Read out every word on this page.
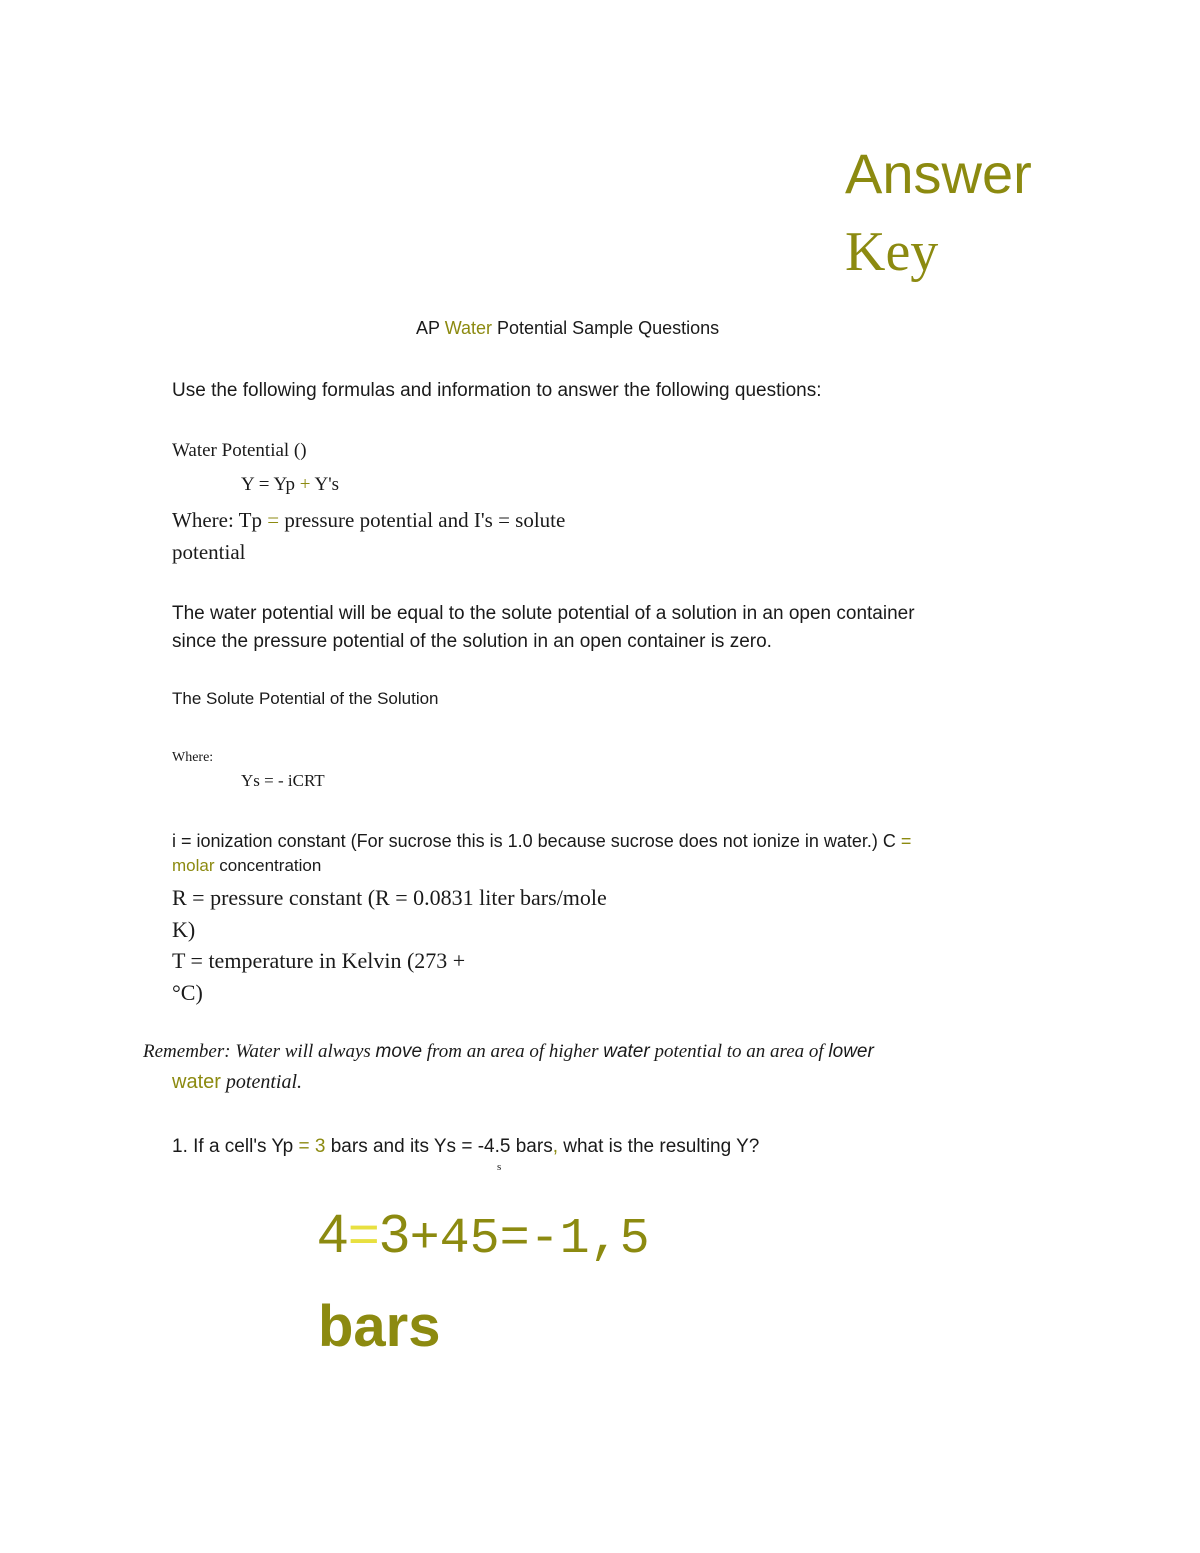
Answer
Key
AP Water Potential Sample Questions
Use the following formulas and information to answer the following questions:
Water Potential ()
Y = Yp + Y's
Where: Tp = pressure potential and I's = solute
potential
The water potential will be equal to the solute potential of a solution in an open container
since the pressure potential of the solution in an open container is zero.
The Solute Potential of the Solution
Where:
Ys = - iCRT
i = ionization constant (For sucrose this is 1.0 because sucrose does not ionize in water.) C =
molar concentration
R = pressure constant (R = 0.0831 liter bars/mole
K)
T = temperature in Kelvin (273 +
°C)
Remember: Water will always move from an area of higher water potential to an area of lower
water potential.
1. If a cell's Yp = 3 bars and its Ys = -4.5 bars, what is the resulting Y?
s
4=3+45=-1,5
bars
